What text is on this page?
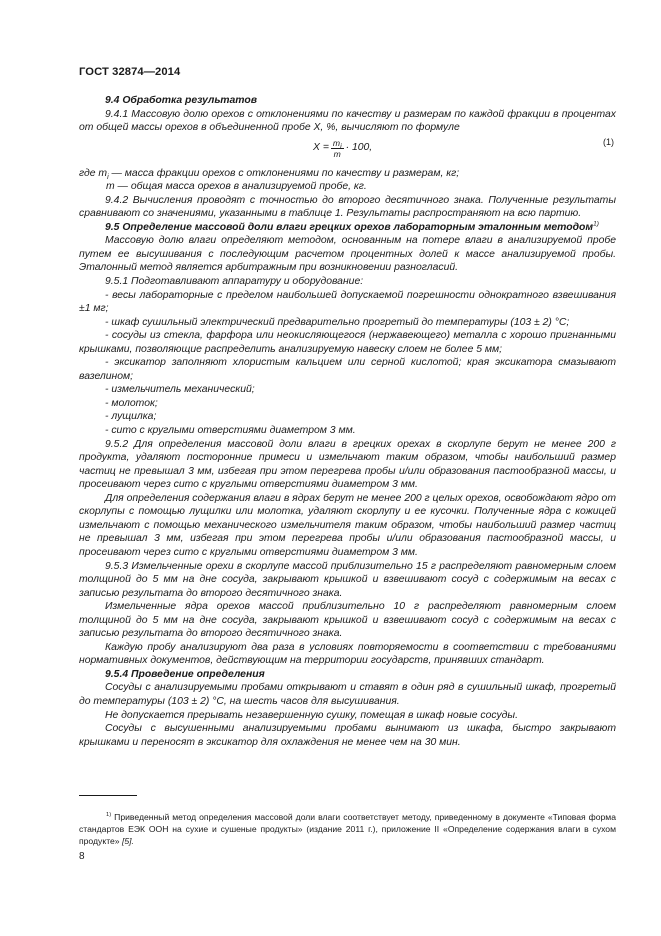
ГОСТ 32874—2014

9.4 Обработка результатов

9.4.1 Массовую долю орехов с отклонениями по качеству и размерам по каждой фракции в процентах от общей массы орехов в объединенной пробе X, %, вычисляют по формуле

$X = \frac{m_i}{m} \cdot 100$,
(1)

где $m_i$ — масса фракции орехов с отклонениями по качеству и размерам, кг;

m — общая масса орехов в анализируемой пробе, кг.

9.4.2 Вычисления проводят с точностью до второго десятичного знака. Полученные результаты сравнивают со значениями, указанными в таблице 1. Результаты распространяют на всю партию.

9.5 Определение массовой доли влаги грецких орехов лабораторным эталонным методом$^{1)}$

Массовую долю влаги определяют методом, основанным на потере влаги в анализируемой пробе путем ее высушивания с последующим расчетом процентных долей к массе анализируемой пробы. Эталонный метод является арбитражным при возникновении разногласий.

9.5.1 Подготавливают аппаратуру и оборудование:

- весы лабораторные с пределом наибольшей допускаемой погрешности однократного взвешивания ±1 мг;

- шкаф сушильный электрический предварительно прогретый до температуры (103 ± 2) °С;

- сосуды из стекла, фарфора или неокисляющегося (нержавеющего) металла с хорошо пригнанными крышками, позволяющие распределить анализируемую навеску слоем не более 5 мм;

- эксикатор заполняют хлористым кальцием или серной кислотой; края эксикатора смазывают вазелином;

- измельчитель механический;

- молоток;

- лущилка;

- сито с круглыми отверстиями диаметром 3 мм.

9.5.2 Для определения массовой доли влаги в грецких орехах в скорлупе берут не менее 200 г продукта, удаляют посторонние примеси и измельчают таким образом, чтобы наибольший размер частиц не превышал 3 мм, избегая при этом перегрева пробы и/или образования пастообразной массы, и просеивают через сито с круглыми отверстиями диаметром 3 мм.

Для определения содержания влаги в ядрах берут не менее 200 г целых орехов, освобождают ядро от скорлупы с помощью лущилки или молотка, удаляют скорлупу и ее кусочки. Полученные ядра с кожицей измельчают с помощью механического измельчителя таким образом, чтобы наибольший размер частиц не превышал 3 мм, избегая при этом перегрева пробы и/или образования пастообразной массы, и просеивают через сито с круглыми отверстиями диаметром 3 мм.

9.5.3 Измельченные орехи в скорлупе массой приблизительно 15 г распределяют равномерным слоем толщиной до 5 мм на дне сосуда, закрывают крышкой и взвешивают сосуд с содержимым на весах с записью результата до второго десятичного знака.

Измельченные ядра орехов массой приблизительно 10 г распределяют равномерным слоем толщиной до 5 мм на дне сосуда, закрывают крышкой и взвешивают сосуд с содержимым на весах с записью результата до второго десятичного знака.

Каждую пробу анализируют два раза в условиях повторяемости в соответствии с требованиями нормативных документов, действующим на территории государств, принявших стандарт.

9.5.4 Проведение определения

Сосуды с анализируемыми пробами открывают и ставят в один ряд в сушильный шкаф, прогретый до температуры (103 ± 2) °С, на шесть часов для высушивания.

Не допускается прерывать незавершенную сушку, помещая в шкаф новые сосуды.

Сосуды с высушенными анализируемыми пробами вынимают из шкафа, быстро закрывают крышками и переносят в эксикатор для охлаждения не менее чем на 30 мин.

$^{1)}$ Приведенный метод определения массовой доли влаги соответствует методу, приведенному в документе «Типовая форма стандартов ЕЭК ООН на сухие и сушеные продукты» (издание 2011 г.), приложение II «Определение содержания влаги в сухом продукте» [5].

8
